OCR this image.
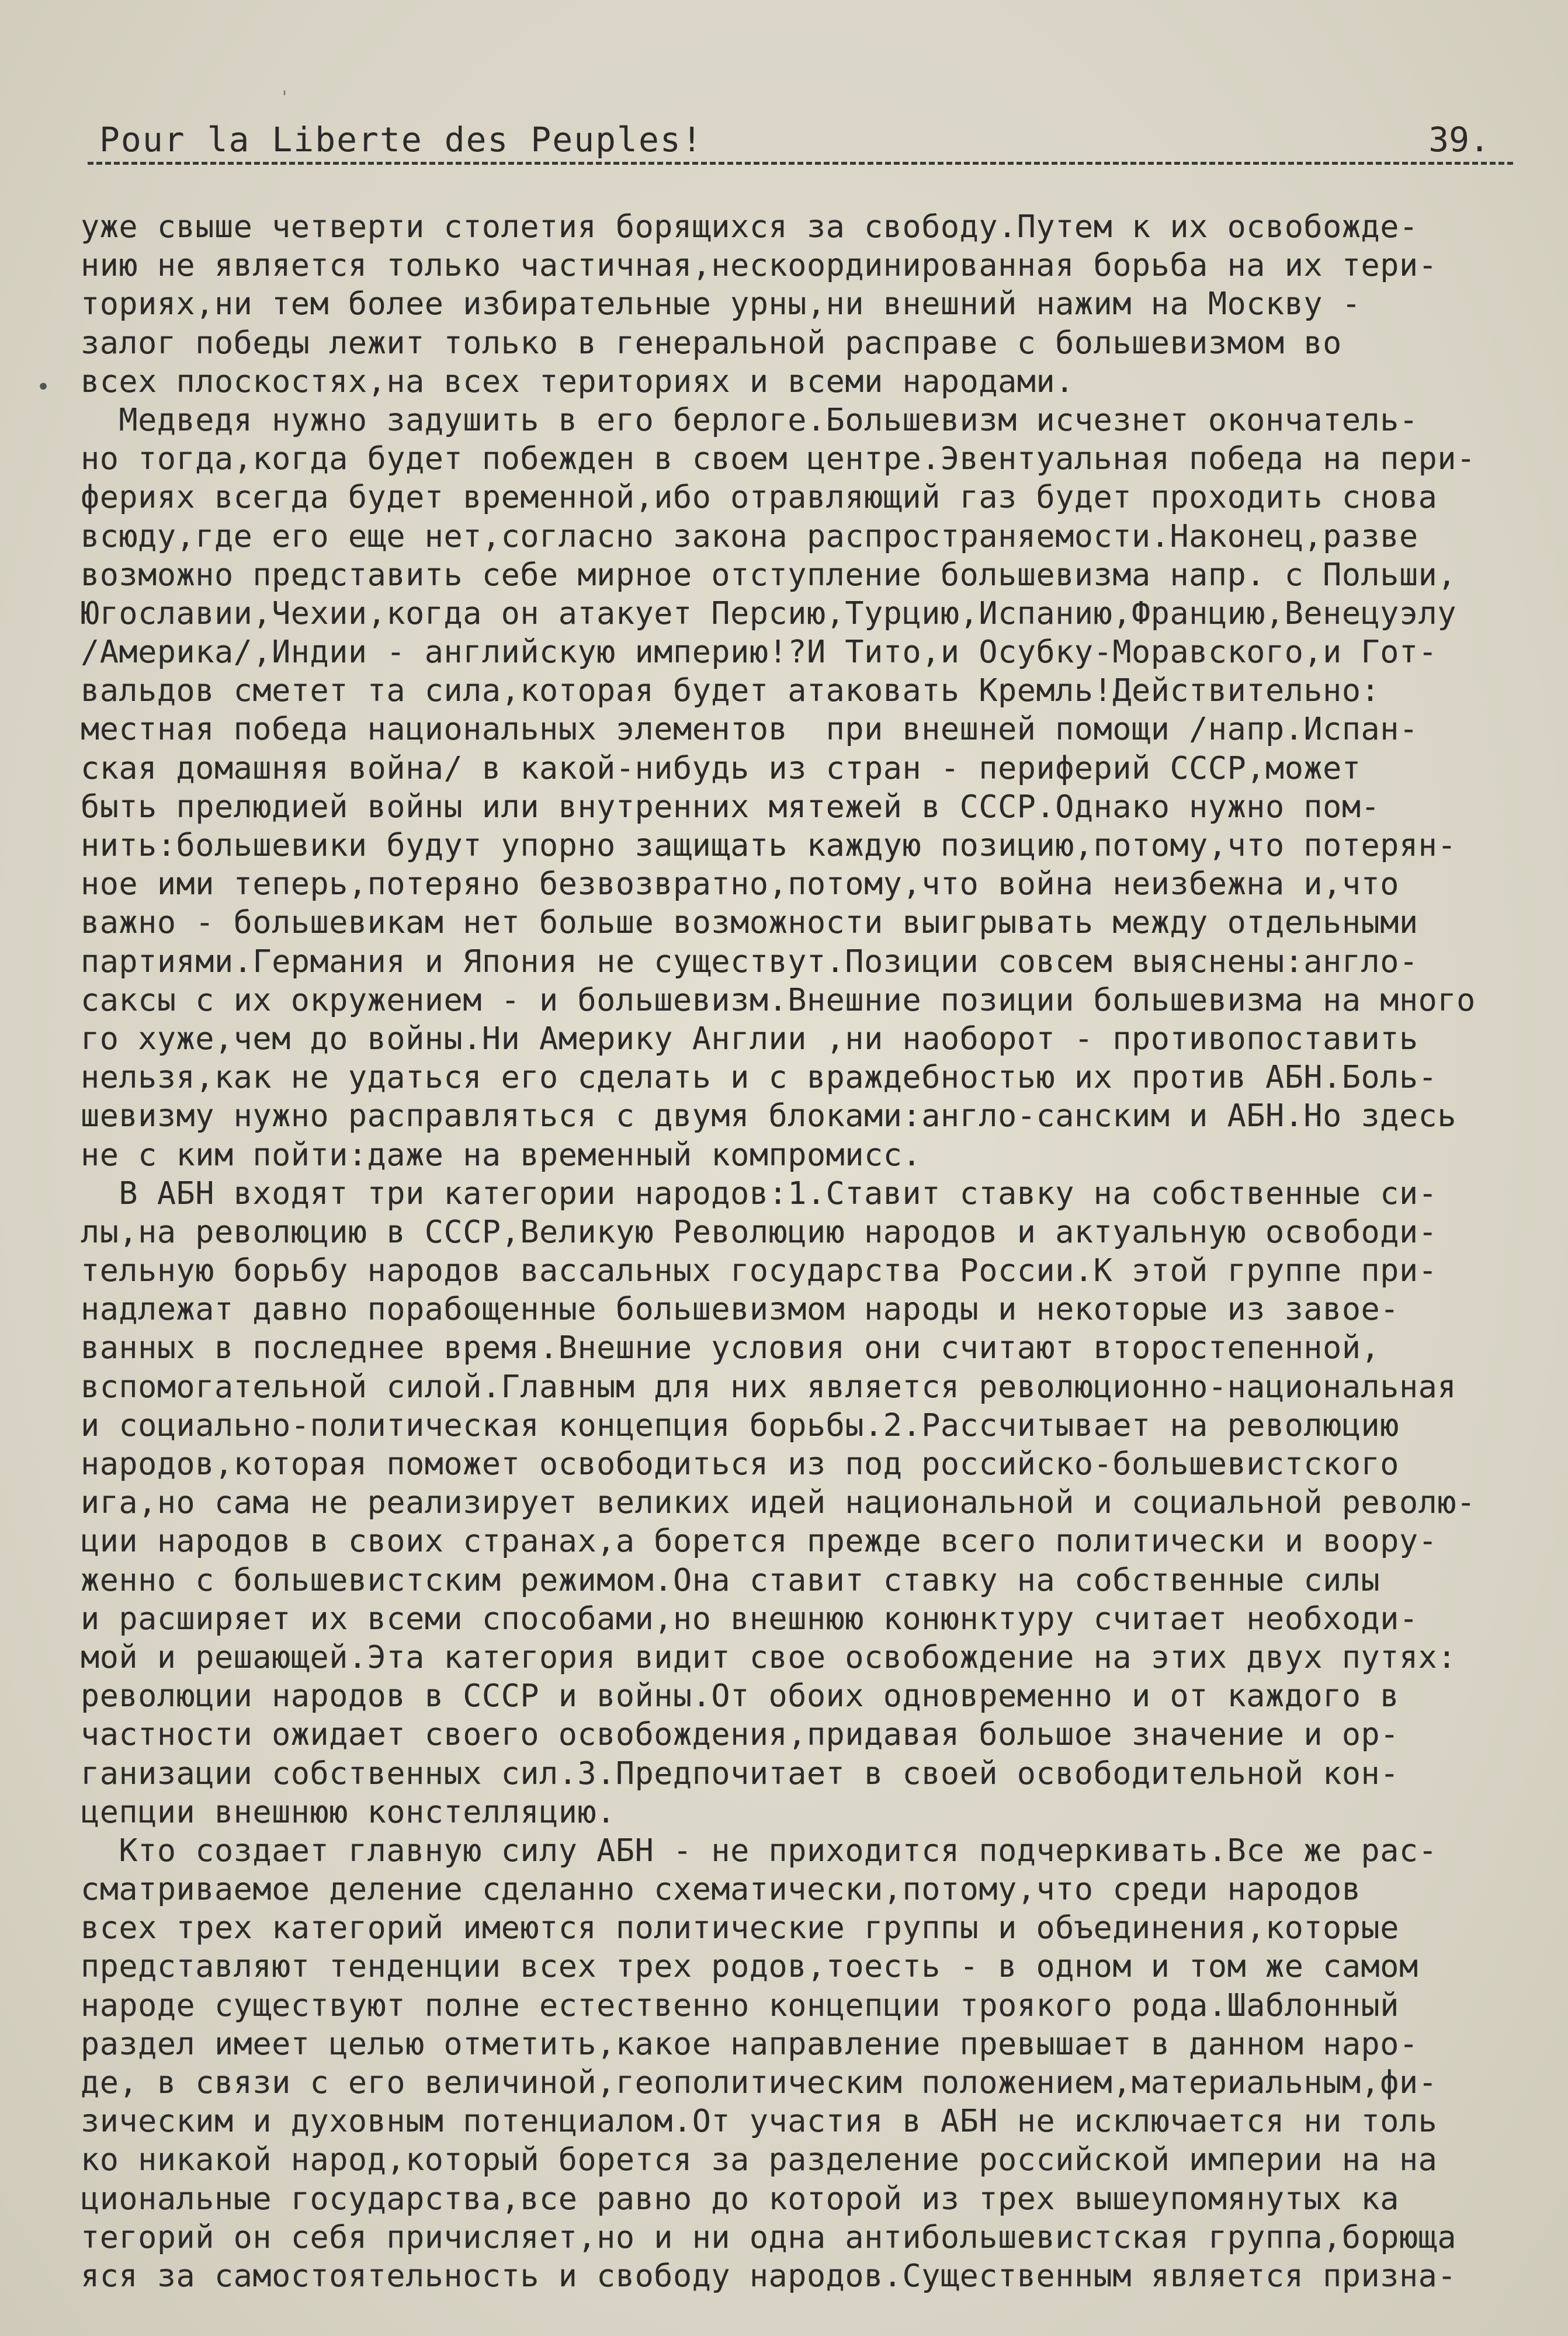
'
•
Pour la Liberte des Peuples!	39.
уже свыше четверти столетия борящихся за свободу.Путем к их освобожде-
нию не является только частичная,нескоординированная борьба на их тери-
ториях,ни тем более избирательные урны,ни внешний нажим на Москву -
залог победы лежит только в генеральной расправе с большевизмом во
всех плоскостях,на всех територияx и всеми народами.
Медведя нужно задушить в его берлоге.Большевизм исчезнет окончатель-
но тогда,когда будет побежден в своем центре.Эвентуальная победа на пери-
фериях всегда будет временной,ибо отравляющий газ будет проходить снова
всюду,где его еще нет,согласно закона распространяемости.Наконец,разве
возможно представить себе мирное отступление большевизма напр. с Польши,
Югославии,Чехии,когда он атакует Персию,Турцию,Испанию,Францию,Венецуэлу
/Америка/,Индии - английскую империю!?И Тито,и Осубку-Моравского,и Гот-
вальдов сметет та сила,которая будет атаковать Кремль!Действительно:
местная победа национальных элементов  при внешней помощи /напр.Испан-
ская домашняя война/ в какой-нибудь из стран - периферий СССР,может
быть прелюдией войны или внутренних мятежей в СССР.Однако нужно пом-
нить:большевики будут упорно защищать каждую позицию,потому,что потерян-
ное ими теперь,потеряно безвозвратно,потому,что война неизбежна и,что
важно - большевикам нет больше возможности выигрывать между отдельными
партиями.Германия и Япония не существут.Позиции совсем выяснены:англо-
саксы с их окружением - и большевизм.Внешние позиции большевизма на много
го хуже,чем до войны.Ни Америку Англии ,ни наоборот - противопоставить
нельзя,как не удаться его сделать и с враждебностью их против АБН.Боль-
шевизму нужно расправляться с двумя блоками:англо-санским и АБН.Но здесь
не с ким пойти:даже на временный компромисс.
В АБН входят три категории народов:1.Ставит ставку на собственные си-
лы,на революцию в СССР,Великую Революцию народов и актуальную освободи-
тельную борьбу народов вассальных государства России.К этой группе при-
надлежат давно порабощенные большевизмом народы и некоторые из завое-
ванных в последнее время.Внешние условия они считают второстепенной,
вспомогательной силой.Главным для них является революционно-национальная
и социально-политическая концепция борьбы.2.Рассчитывает на революцию
народов,которая поможет освободиться из под российско-большевистского
ига,но сама не реализирует великих идей национальной и социальной револю-
ции народов в своих странах,а борется прежде всего политически и воору-
женно с большевистским режимом.Она ставит ставку на собственные силы
и расширяет их всеми способами,но внешнюю конюнктуру считает необходи-
мой и решающей.Эта категория видит свое освобождение на этих двух путях:
революции народов в СССР и войны.От обоих одновременно и от каждого в
частности ожидает своего освобождения,придавая большое значение и ор-
ганизации собственных сил.3.Предпочитает в своей освободительной кон-
цепции внешнюю констелляцию.
Кто создает главную силу АБН - не приходится подчеркивать.Все же рас-
сматриваемое деление сделанно схематически,потому,что среди народов
всех трех категорий имеются политические группы и объединения,которые
представляют тенденции всех трех родов,тоесть - в одном и том же самом
народе существуют полне естественно концепции троякого рода.Шаблонный
раздел имеет целью отметить,какое направление превышает в данном наро-
де, в связи с его величиной,геополитическим положением,материальным,фи-
зическим и духовным потенциалом.От участия в АБН не исключается ни толь
ко никакой народ,который борется за разделение российской империи на на
циональные государства,все равно до которой из трех вышеупомянутых ка
тегорий он себя причисляет,но и ни одна антибольшевистская группа,борюща
яся за самостоятельность и свободу народов.Существенным является призна-
